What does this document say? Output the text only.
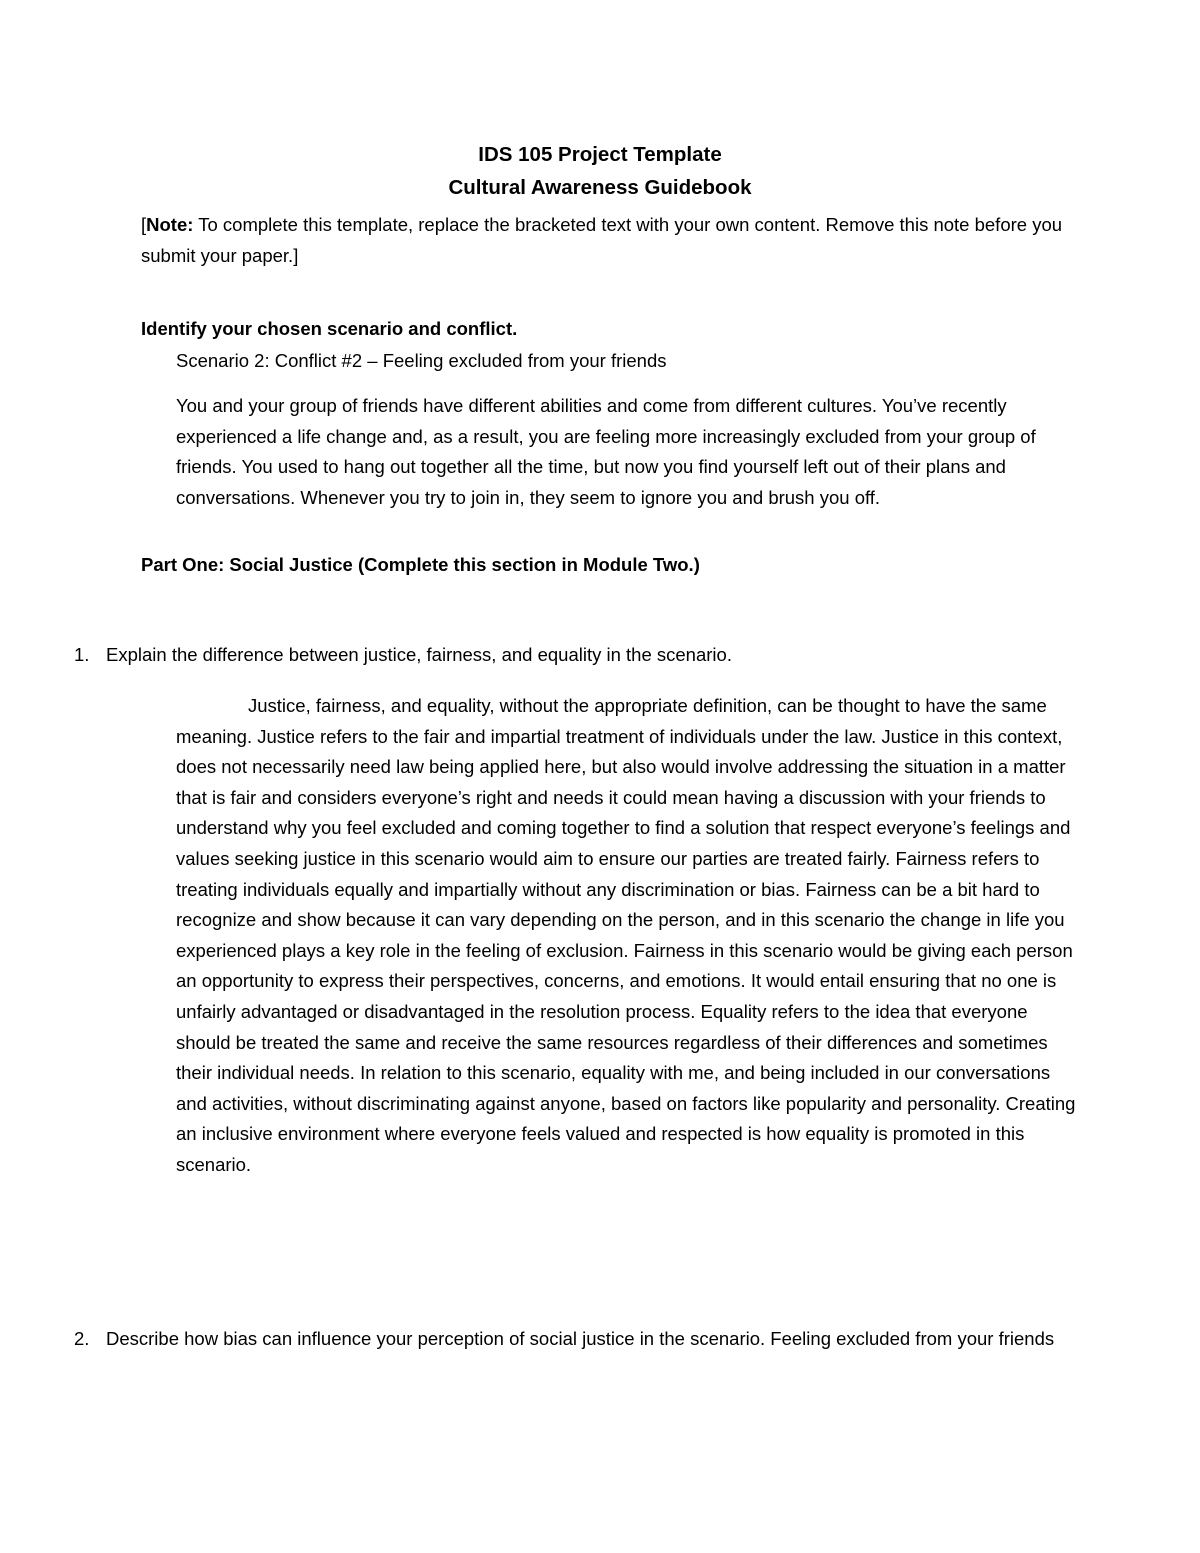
IDS 105 Project Template
Cultural Awareness Guidebook
[Note: To complete this template, replace the bracketed text with your own content. Remove this note before you submit your paper.]
Identify your chosen scenario and conflict.
Scenario 2: Conflict #2 – Feeling excluded from your friends
You and your group of friends have different abilities and come from different cultures. You’ve recently experienced a life change and, as a result, you are feeling more increasingly excluded from your group of friends. You used to hang out together all the time, but now you find yourself left out of their plans and conversations. Whenever you try to join in, they seem to ignore you and brush you off.
Part One: Social Justice (Complete this section in Module Two.)
1. Explain the difference between justice, fairness, and equality in the scenario.
Justice, fairness, and equality, without the appropriate definition, can be thought to have the same meaning. Justice refers to the fair and impartial treatment of individuals under the law. Justice in this context, does not necessarily need law being applied here, but also would involve addressing the situation in a matter that is fair and considers everyone’s right and needs it could mean having a discussion with your friends to understand why you feel excluded and coming together to find a solution that respect everyone’s feelings and values seeking justice in this scenario would aim to ensure our parties are treated fairly. Fairness refers to treating individuals equally and impartially without any discrimination or bias. Fairness can be a bit hard to recognize and show because it can vary depending on the person, and in this scenario the change in life you experienced plays a key role in the feeling of exclusion. Fairness in this scenario would be giving each person an opportunity to express their perspectives, concerns, and emotions. It would entail ensuring that no one is unfairly advantaged or disadvantaged in the resolution process. Equality refers to the idea that everyone should be treated the same and receive the same resources regardless of their differences and sometimes their individual needs. In relation to this scenario, equality with me, and being included in our conversations and activities, without discriminating against anyone, based on factors like popularity and personality. Creating an inclusive environment where everyone feels valued and respected is how equality is promoted in this scenario.
2. Describe how bias can influence your perception of social justice in the scenario. Feeling excluded from your friends
